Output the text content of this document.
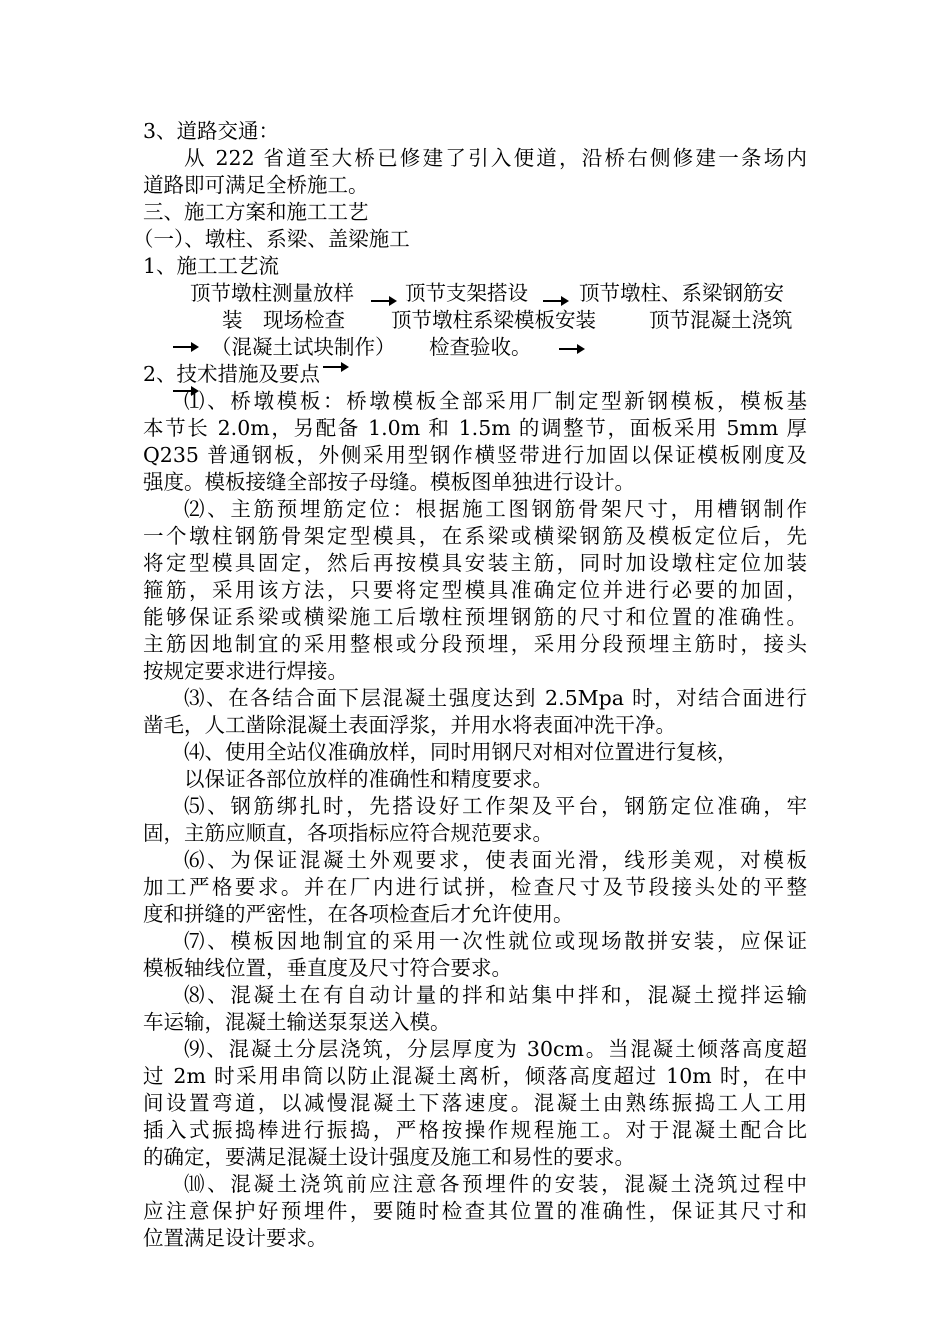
3、道路交通：
从 222 省道至大桥已修建了引入便道，沿桥右侧修建一条场内
道路即可满足全桥施工。
三、施工方案和施工工艺
（一）、墩柱、系梁、盖梁施工
1、施工工艺流
顶节墩柱测量放样 顶节支架搭设 顶节墩柱、系梁钢筋安
装 现场检查 顶节墩柱系梁模板安装	顶节混凝土浇筑
（混凝土试块制作） 检查验收。
2、技术措施及要点
⑴、桥墩模板：桥墩模板全部采用厂制定型新钢模板，模板基
本节长 2.0m，另配备 1.0m 和 1.5m 的调整节，面板采用 5mm 厚
Q235 普通钢板，外侧采用型钢作横竖带进行加固以保证模板刚度及
强度。模板接缝全部按子母缝。模板图单独进行设计。
⑵、主筋预埋筋定位：根据施工图钢筋骨架尺寸，用槽钢制作
一个墩柱钢筋骨架定型模具，在系梁或横梁钢筋及模板定位后，先
将定型模具固定，然后再按模具安装主筋，同时加设墩柱定位加装
箍筋，采用该方法，只要将定型模具准确定位并进行必要的加固，
能够保证系梁或横梁施工后墩柱预埋钢筋的尺寸和位置的准确性。
主筋因地制宜的采用整根或分段预埋，采用分段预埋主筋时，接头
按规定要求进行焊接。
⑶、在各结合面下层混凝土强度达到 2.5Mpa 时，对结合面进行
凿毛，人工凿除混凝土表面浮浆，并用水将表面冲洗干净。
⑷、使用全站仪准确放样，同时用钢尺对相对位置进行复核，
以保证各部位放样的准确性和精度要求。
⑸、钢筋绑扎时，先搭设好工作架及平台，钢筋定位准确，牢
固，主筋应顺直，各项指标应符合规范要求。
⑹、为保证混凝土外观要求，使表面光滑，线形美观，对模板
加工严格要求。并在厂内进行试拼，检查尺寸及节段接头处的平整
度和拼缝的严密性，在各项检查后才允许使用。
⑺、模板因地制宜的采用一次性就位或现场散拼安装，应保证
模板轴线位置，垂直度及尺寸符合要求。
⑻、混凝土在有自动计量的拌和站集中拌和，混凝土搅拌运输
车运输，混凝土输送泵泵送入模。
⑼、混凝土分层浇筑，分层厚度为 30cm。当混凝土倾落高度超
过 2m 时采用串筒以防止混凝土离析，倾落高度超过 10m 时，在中
间设置弯道，以减慢混凝土下落速度。混凝土由熟练振捣工人工用
插入式振捣棒进行振捣，严格按操作规程施工。对于混凝土配合比
的确定，要满足混凝土设计强度及施工和易性的要求。
⑽、混凝土浇筑前应注意各预埋件的安装，混凝土浇筑过程中
应注意保护好预埋件，要随时检查其位置的准确性，保证其尺寸和
位置满足设计要求。
